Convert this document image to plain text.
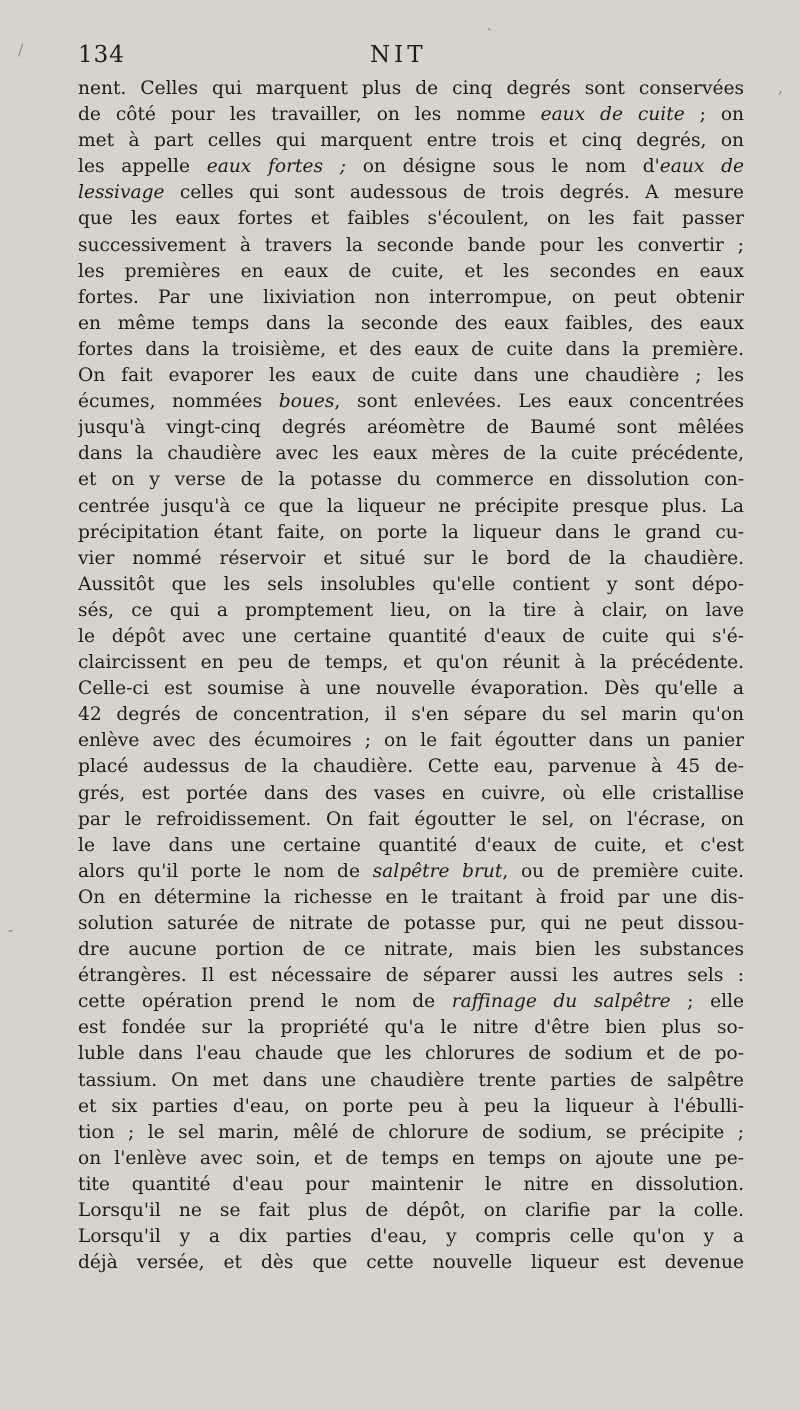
/
,
`
-
134	NIT
nent. Celles qui marquent plus de cinq degrés sont conservées
de côté pour les travailler, on les nomme eaux de cuite ; on
met à part celles qui marquent entre trois et cinq degrés, on
les appelle eaux fortes ; on désigne sous le nom d'eaux de
lessivage celles qui sont audessous de trois degrés. A mesure
que les eaux fortes et faibles s'écoulent, on les fait passer
successivement à travers la seconde bande pour les convertir ;
les premières en eaux de cuite, et les secondes en eaux
fortes. Par une lixiviation non interrompue, on peut obtenir
en même temps dans la seconde des eaux faibles, des eaux
fortes dans la troisième, et des eaux de cuite dans la première.
On fait evaporer les eaux de cuite dans une chaudière ; les
écumes, nommées boues, sont enlevées. Les eaux concentrées
jusqu'à vingt-cinq degrés aréomètre de Baumé sont mêlées
dans la chaudière avec les eaux mères de la cuite précédente,
et on y verse de la potasse du commerce en dissolution con-
centrée jusqu'à ce que la liqueur ne précipite presque plus. La
précipitation étant faite, on porte la liqueur dans le grand cu-
vier nommé réservoir et situé sur le bord de la chaudière.
Aussitôt que les sels insolubles qu'elle contient y sont dépo-
sés, ce qui a promptement lieu, on la tire à clair, on lave
le dépôt avec une certaine quantité d'eaux de cuite qui s'é-
claircissent en peu de temps, et qu'on réunit à la précédente.
Celle-ci est soumise à une nouvelle évaporation. Dès qu'elle a
42 degrés de concentration, il s'en sépare du sel marin qu'on
enlève avec des écumoires ; on le fait égoutter dans un panier
placé audessus de la chaudière. Cette eau, parvenue à 45 de-
grés, est portée dans des vases en cuivre, où elle cristallise
par le refroidissement. On fait égoutter le sel, on l'écrase, on
le lave dans une certaine quantité d'eaux de cuite, et c'est
alors qu'il porte le nom de salpêtre brut, ou de première cuite.
On en détermine la richesse en le traitant à froid par une dis-
solution saturée de nitrate de potasse pur, qui ne peut dissou-
dre aucune portion de ce nitrate, mais bien les substances
étrangères. Il est nécessaire de séparer aussi les autres sels :
cette opération prend le nom de raffinage du salpêtre ; elle
est fondée sur la propriété qu'a le nitre d'être bien plus so-
luble dans l'eau chaude que les chlorures de sodium et de po-
tassium. On met dans une chaudière trente parties de salpêtre
et six parties d'eau, on porte peu à peu la liqueur à l'ébulli-
tion ; le sel marin, mêlé de chlorure de sodium, se précipite ;
on l'enlève avec soin, et de temps en temps on ajoute une pe-
tite quantité d'eau pour maintenir le nitre en dissolution.
Lorsqu'il ne se fait plus de dépôt, on clarifie par la colle.
Lorsqu'il y a dix parties d'eau, y compris celle qu'on y a
déjà versée, et dès que cette nouvelle liqueur est devenue
